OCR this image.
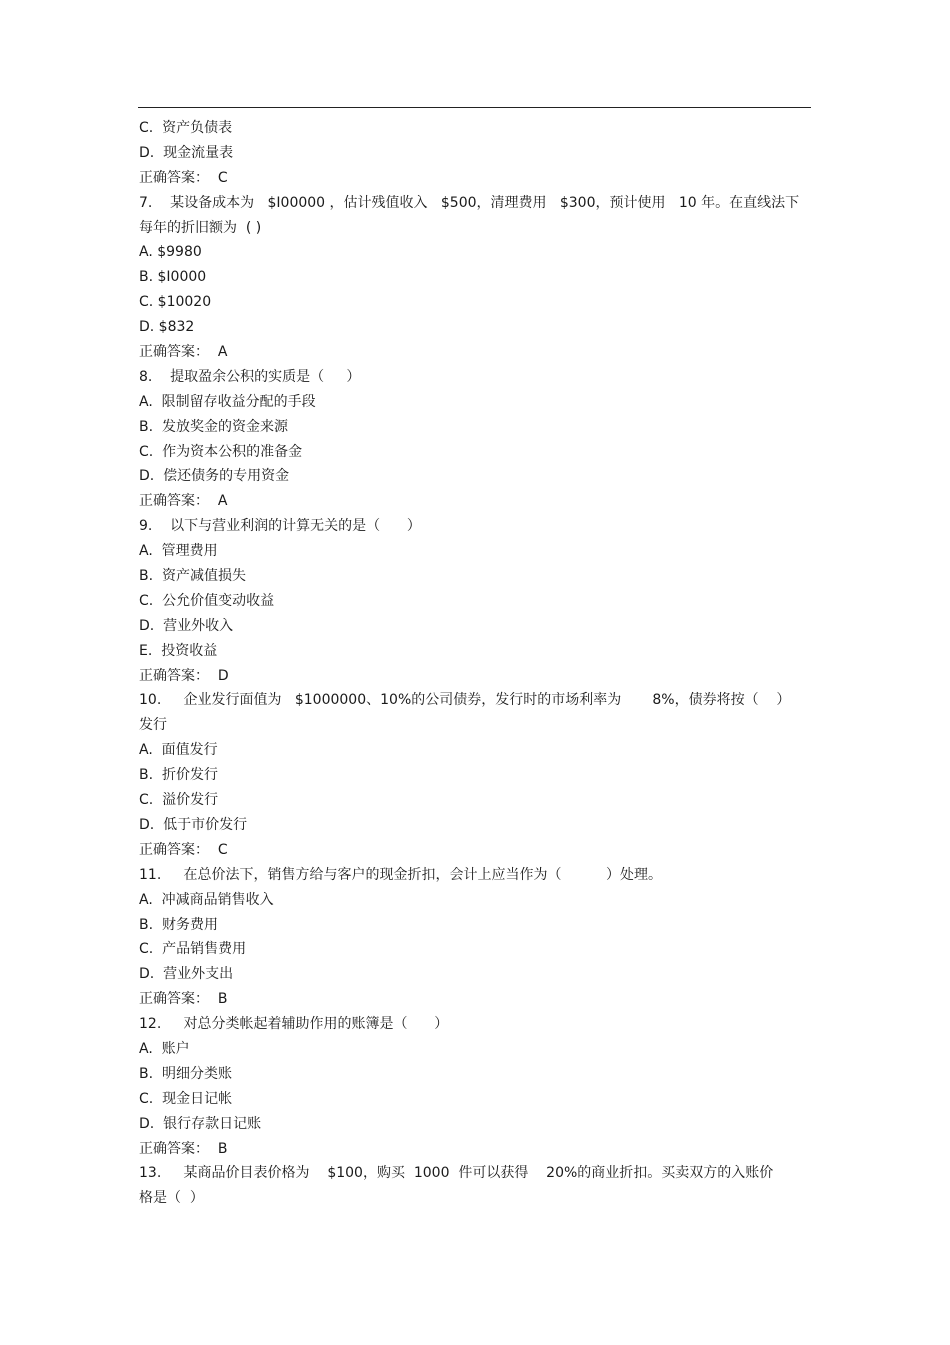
C.  资产负债表
D.  现金流量表
正确答案：  C
7.    某设备成本为   $I00000 ，估计残值收入   $500，清理费用   $300，预计使用   10 年。在直线法下
每年的折旧额为  ( )
A. $9980
B. $I0000
C. $10020
D. $832
正确答案：  A
8.    提取盈余公积的实质是（     ）
A.  限制留存收益分配的手段
B.  发放奖金的资金来源
C.  作为资本公积的准备金
D.  偿还债务的专用资金
正确答案：  A
9.    以下与营业利润的计算无关的是（      ）
A.  管理费用
B.  资产减值损失
C.  公允价值变动收益
D.  营业外收入
E.  投资收益
正确答案：  D
10.     企业发行面值为   $1000000、10%的公司债券，发行时的市场利率为       8%，债券将按（    ）
发行
A.  面值发行
B.  折价发行
C.  溢价发行
D.  低于市价发行
正确答案：  C
11.     在总价法下，销售方给与客户的现金折扣，会计上应当作为（          ）处理。
A.  冲减商品销售收入
B.  财务费用
C.  产品销售费用
D.  营业外支出
正确答案：  B
12.     对总分类帐起着辅助作用的账簿是（      ）
A.  账户
B.  明细分类账
C.  现金日记帐
D.  银行存款日记账
正确答案：  B
13.     某商品价目表价格为    $100，购买  1000  件可以获得    20%的商业折扣。买卖双方的入账价
格是（  ）
